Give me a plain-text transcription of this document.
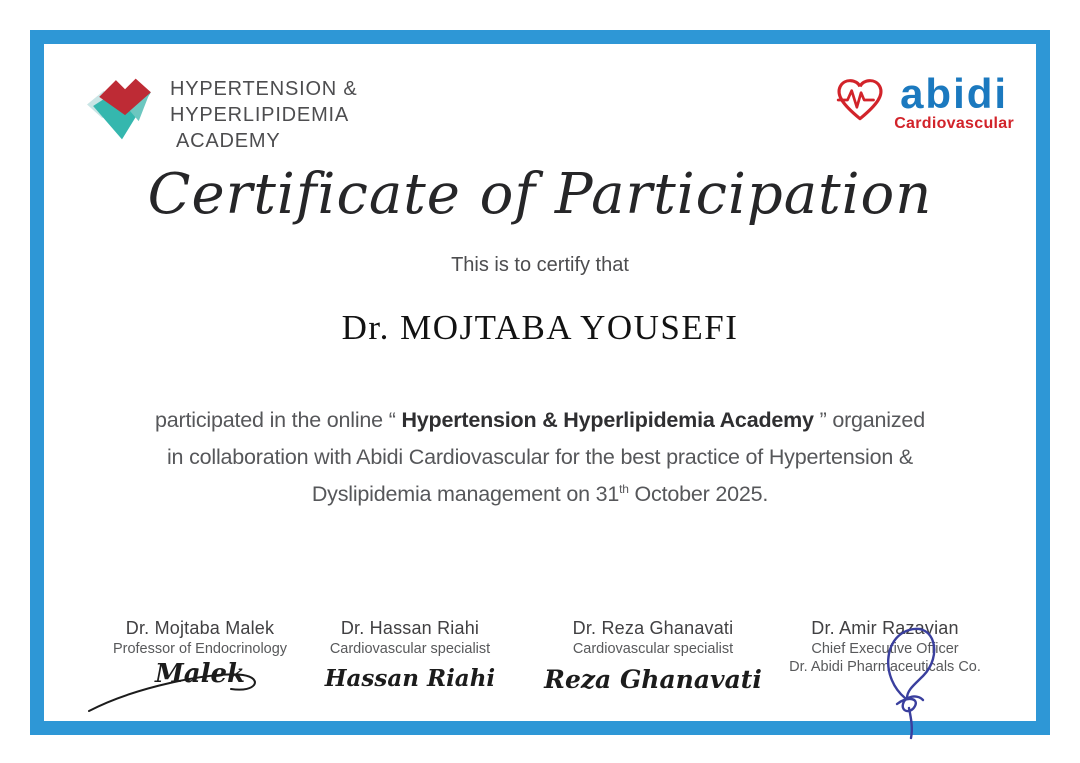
HYPERTENSION &
HYPERLIPIDEMIA
ACADEMY
abidi
Cardiovascular
Certificate of Participation
This is to certify that
Dr. MOJTABA YOUSEFI
participated in the online “ Hypertension & Hyperlipidemia Academy ” organized
in collaboration with Abidi Cardiovascular for the best practice of Hypertension &
Dyslipidemia management on 31th October 2025.
Dr. Mojtaba Malek
Professor of Endocrinology
Malek
Dr. Hassan Riahi
Cardiovascular specialist
Hassan Riahi
Dr. Reza Ghanavati
Cardiovascular specialist
Reza Ghanavati
Dr. Amir Razavian
Chief Executive Officer
Dr. Abidi Pharmaceuticals Co.
